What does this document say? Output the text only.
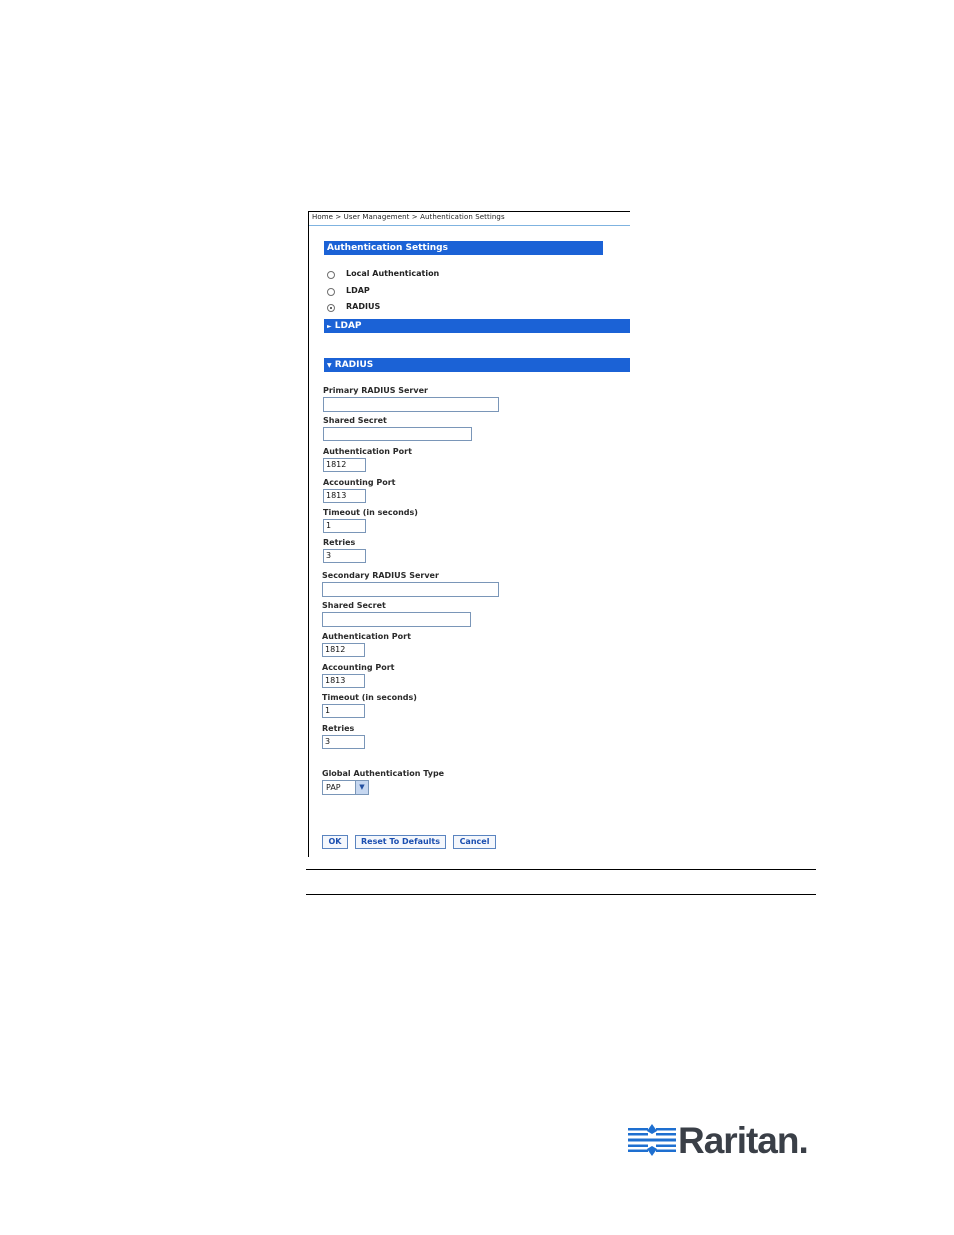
Home > User Management > Authentication Settings
Authentication Settings
Local Authentication
LDAP
RADIUS
► LDAP
▼ RADIUS
Primary RADIUS Server
Shared Secret
Authentication Port
1812
Accounting Port
1813
Timeout (in seconds)
1
Retries
3
Secondary RADIUS Server
Shared Secret
Authentication Port
1812
Accounting Port
1813
Timeout (in seconds)
1
Retries
3
Global Authentication Type
PAP	▼
OK	Reset To Defaults	Cancel
Raritan.
